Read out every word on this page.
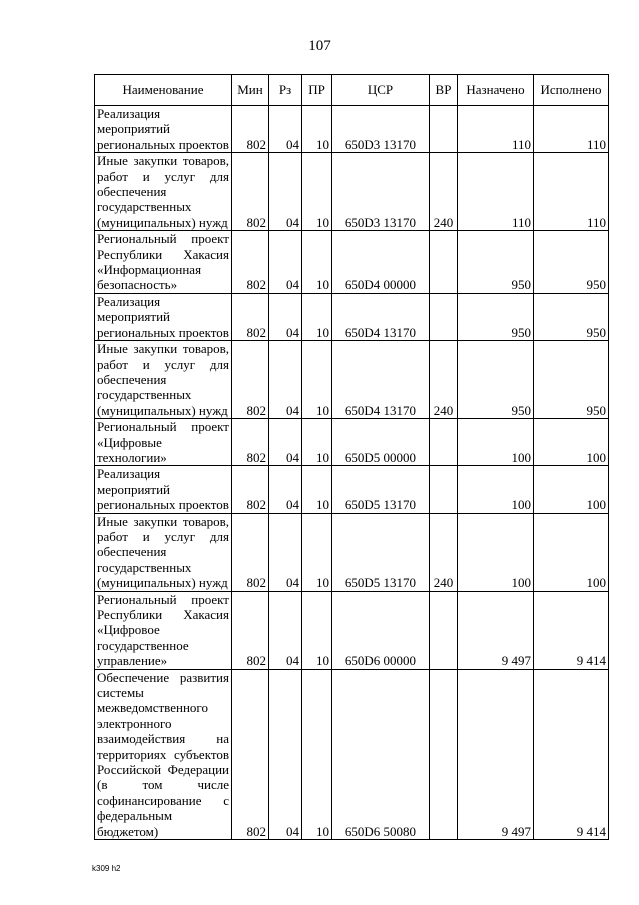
107
Наименование	Мин	Рз	ПР	ЦСР	ВР	Назначено	Исполнено
Реализация мероприятий региональных проектов	802	04	10	650D3 13170		110	110
Иные закупки товаров, работ и услуг для обеспечения государственных (муниципальных) нужд	802	04	10	650D3 13170	240	110	110
Региональный проект Республики Хакасия «Информационная безопасность»	802	04	10	650D4 00000		950	950
Реализация мероприятий региональных проектов	802	04	10	650D4 13170		950	950
Иные закупки товаров, работ и услуг для обеспечения государственных (муниципальных) нужд	802	04	10	650D4 13170	240	950	950
Региональный проект «Цифровые технологии»	802	04	10	650D5 00000		100	100
Реализация мероприятий региональных проектов	802	04	10	650D5 13170		100	100
Иные закупки товаров, работ и услуг для обеспечения государственных (муниципальных) нужд	802	04	10	650D5 13170	240	100	100
Региональный проект Республики Хакасия «Цифровое государственное управление»	802	04	10	650D6 00000		9 497	9 414
Обеспечение развития системы межведомственного электронного взаимодействия на территориях субъектов Российской Федерации (в том числе софинансирование с федеральным бюджетом)	802	04	10	650D6 50080		9 497	9 414
k309 h2
